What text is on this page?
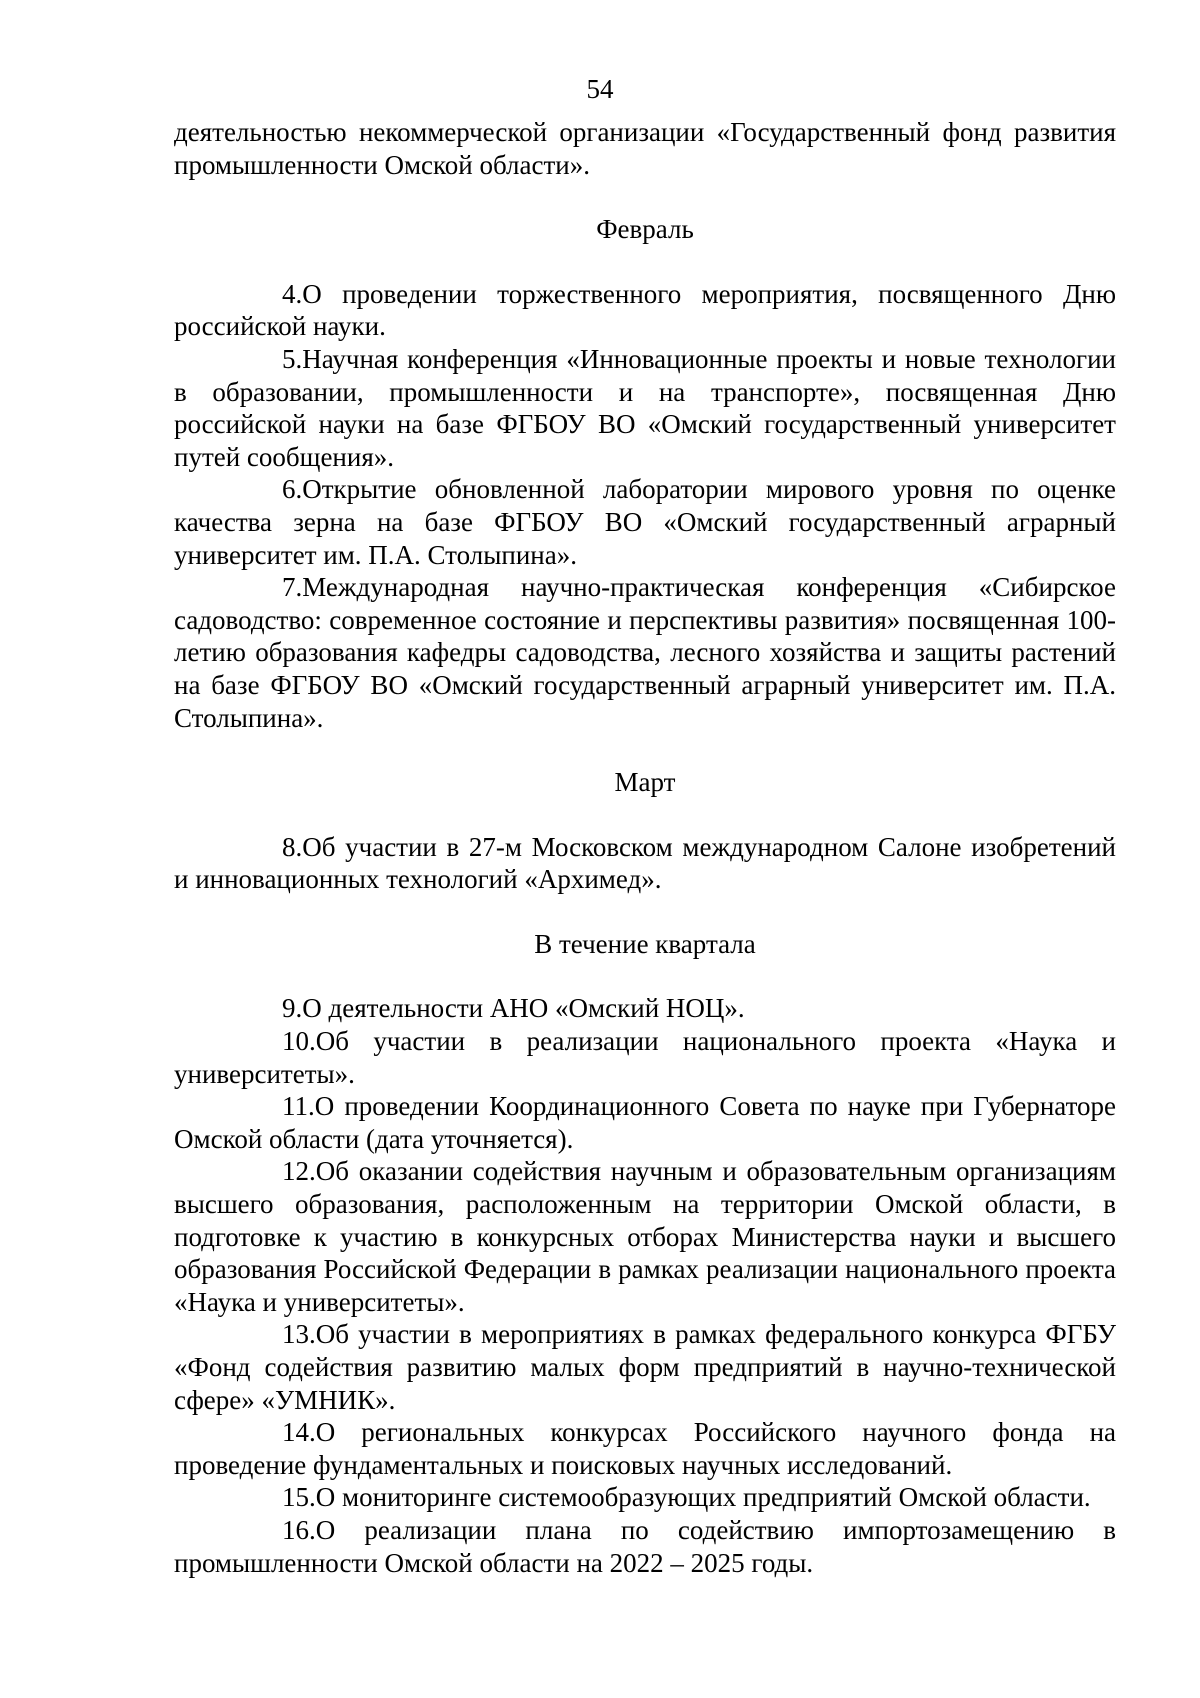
54

деятельностью некоммерческой организации «Государственный фонд развития промышленности Омской области».

Февраль

4.О проведении торжественного мероприятия, посвященного Дню российской науки.

5.Научная конференция «Инновационные проекты и новые технологии в образовании, промышленности и на транспорте», посвященная Дню российской науки на базе ФГБОУ ВО «Омский государственный университет путей сообщения».

6.Открытие обновленной лаборатории мирового уровня по оценке качества зерна на базе ФГБОУ ВО «Омский государственный аграрный университет им. П.А. Столыпина».

7.Международная научно-практическая конференция «Сибирское садоводство: современное состояние и перспективы развития» посвященная 100-летию образования кафедры садоводства, лесного хозяйства и защиты растений на базе ФГБОУ ВО «Омский государственный аграрный университет им. П.А. Столыпина».

Март

8.Об участии в 27-м Московском международном Салоне изобретений и инновационных технологий «Архимед».

В течение квартала

9.О деятельности АНО «Омский НОЦ».

10.Об участии в реализации национального проекта «Наука и университеты».

11.О проведении Координационного Совета по науке при Губернаторе Омской области (дата уточняется).

12.Об оказании содействия научным и образовательным организациям высшего образования, расположенным на территории Омской области, в подготовке к участию в конкурсных отборах Министерства науки и высшего образования Российской Федерации в рамках реализации национального проекта «Наука и университеты».

13.Об участии в мероприятиях в рамках федерального конкурса ФГБУ «Фонд содействия развитию малых форм предприятий в научно-технической сфере» «УМНИК».

14.О региональных конкурсах Российского научного фонда на проведение фундаментальных и поисковых научных исследований.

15.О мониторинге системообразующих предприятий Омской области.

16.О реализации плана по содействию импортозамещению в промышленности Омской области на 2022 – 2025 годы.
